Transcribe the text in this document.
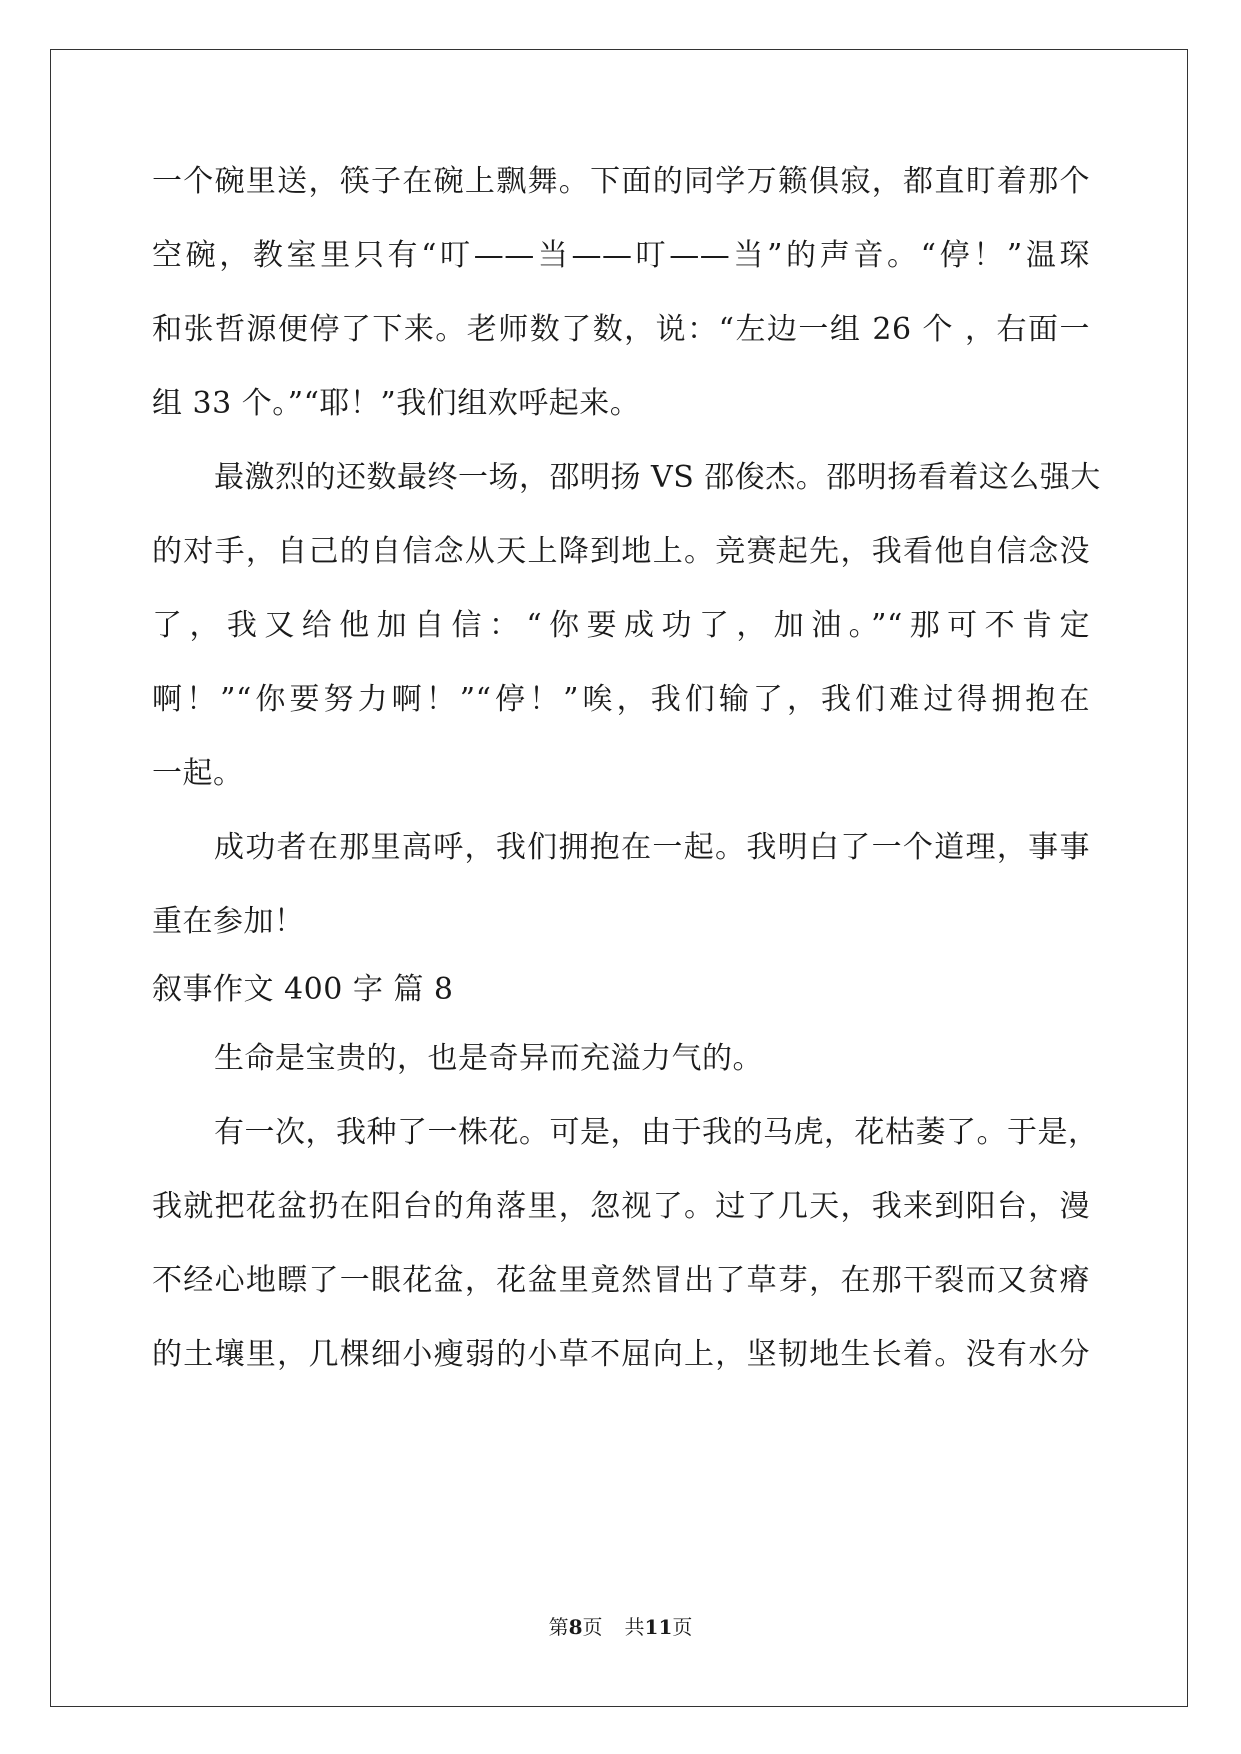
一个碗里送，筷子在碗上飘舞。下面的同学万籁俱寂，都直盯着那个
空碗，教室里只有“叮——当——叮——当”的声音。“停！”温琛
和张哲源便停了下来。老师数了数，说：“左边一组 26 个 ，右面一
组 33 个。”“耶！”我们组欢呼起来。
最激烈的还数最终一场，邵明扬 VS 邵俊杰。邵明扬看着这么强大
的对手，自己的自信念从天上降到地上。竞赛起先，我看他自信念没
了，我又给他加自信：“你要成功了，加油。”“那可不肯定
啊！”“你要努力啊！”“停！”唉，我们输了，我们难过得拥抱在
一起。
成功者在那里高呼，我们拥抱在一起。我明白了一个道理，事事
重在参加！
叙事作文 400 字 篇 8
生命是宝贵的，也是奇异而充溢力气的。
有一次，我种了一株花。可是，由于我的马虎，花枯萎了。于是，
我就把花盆扔在阳台的角落里，忽视了。过了几天，我来到阳台，漫
不经心地瞟了一眼花盆，花盆里竟然冒出了草芽，在那干裂而又贫瘠
的土壤里，几棵细小瘦弱的小草不屈向上，坚韧地生长着。没有水分
第8页 共11页
